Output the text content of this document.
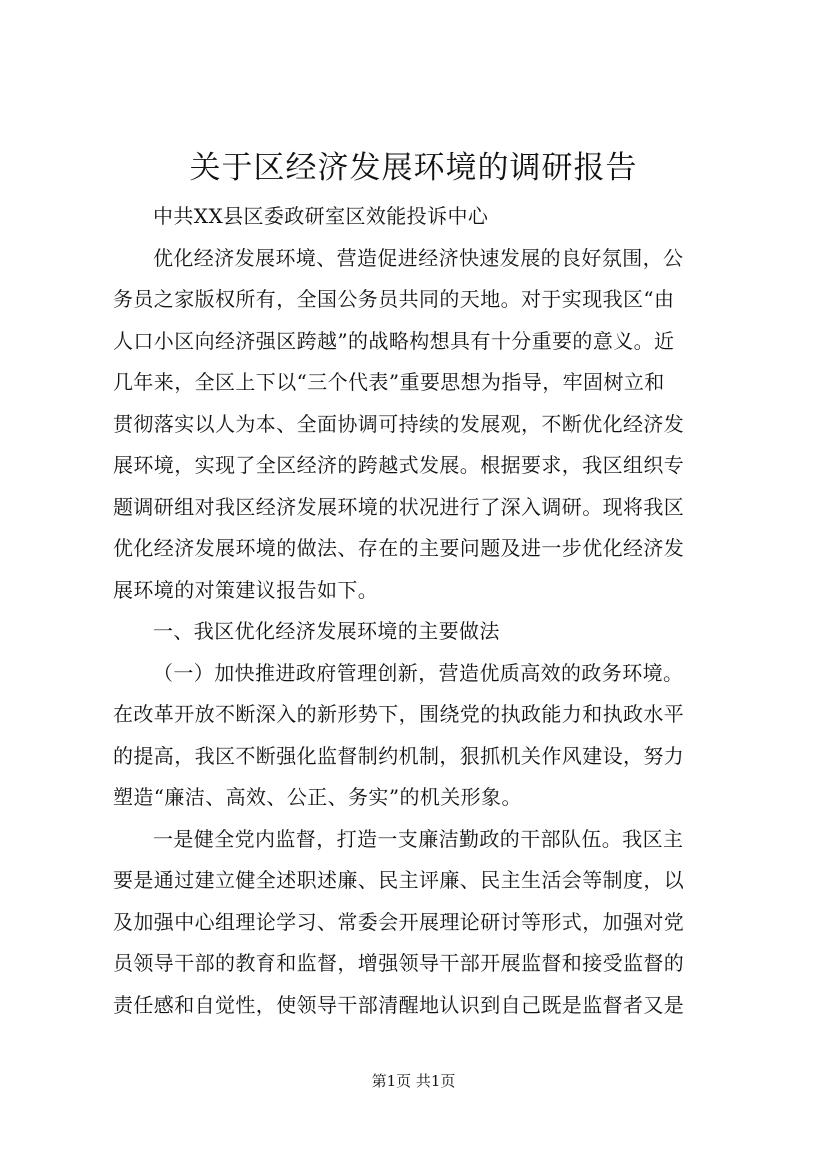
关于区经济发展环境的调研报告
中共XX县区委政研室区效能投诉中心
优化经济发展环境、营造促进经济快速发展的良好氛围，公
务员之家版权所有，全国公务员共同的天地。对于实现我区“由
人口小区向经济强区跨越”的战略构想具有十分重要的意义。近
几年来，全区上下以“三个代表”重要思想为指导，牢固树立和
贯彻落实以人为本、全面协调可持续的发展观，不断优化经济发
展环境，实现了全区经济的跨越式发展。根据要求，我区组织专
题调研组对我区经济发展环境的状况进行了深入调研。现将我区
优化经济发展环境的做法、存在的主要问题及进一步优化经济发
展环境的对策建议报告如下。
一、我区优化经济发展环境的主要做法
（一）加快推进政府管理创新，营造优质高效的政务环境。
在改革开放不断深入的新形势下，围绕党的执政能力和执政水平
的提高，我区不断强化监督制约机制，狠抓机关作风建设，努力
塑造“廉洁、高效、公正、务实”的机关形象。
一是健全党内监督，打造一支廉洁勤政的干部队伍。我区主
要是通过建立健全述职述廉、民主评廉、民主生活会等制度，以
及加强中心组理论学习、常委会开展理论研讨等形式，加强对党
员领导干部的教育和监督，增强领导干部开展监督和接受监督的
责任感和自觉性，使领导干部清醒地认识到自己既是监督者又是
第1页 共1页
